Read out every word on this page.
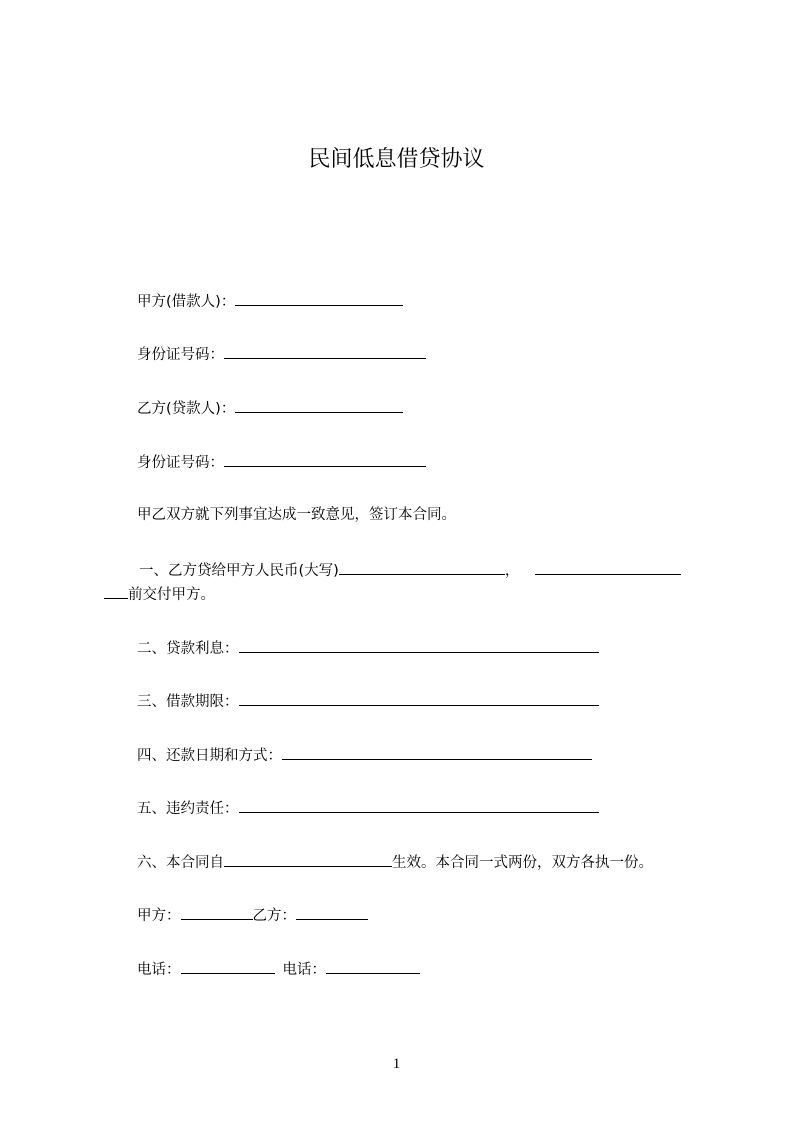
民间低息借贷协议
甲方(借款人)：
身份证号码：
乙方(贷款人)：
身份证号码：
甲乙双方就下列事宜达成一致意见，签订本合同。
一、乙方贷给甲方人民币(大写)	，
前交付甲方。
二、贷款利息：
三、借款期限：
四、还款日期和方式：
五、违约责任：
六、本合同自	生效。本合同一式两份，双方各执一份。
甲方：	乙方：
电话：	电话：
1
